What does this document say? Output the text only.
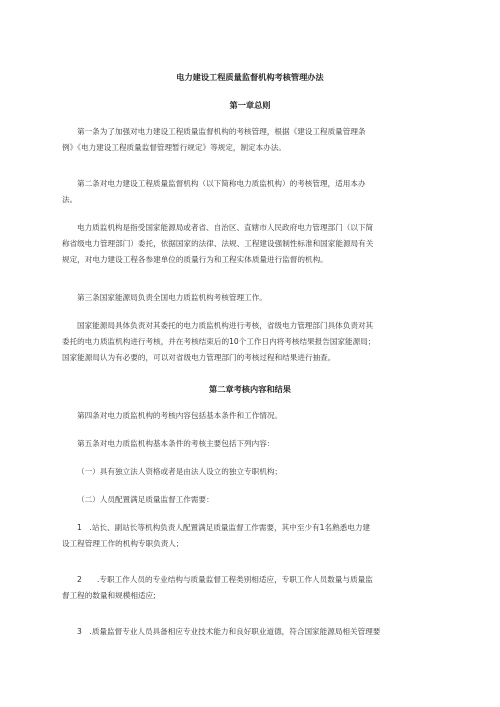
电力建设工程质量监督机构考核管理办法
第一章总则
第一条为了加强对电力建设工程质量监督机构的考核管理，根据《建设工程质量管理条
例》《电力建设工程质量监督管理暂行规定》等规定，制定本办法。
第二条对电力建设工程质量监督机构（以下简称电力质监机构）的考核管理，适用本办
法。
电力质监机构是指受国家能源局或者省、自治区、直辖市人民政府电力管理部门（以下简
称省级电力管理部门）委托，依据国家的法律、法规、工程建设强制性标准和国家能源局有关
规定，对电力建设工程各参建单位的质量行为和工程实体质量进行监督的机构。
第三条国家能源局负责全国电力质监机构考核管理工作。
国家能源局具体负责对其委托的电力质监机构进行考核，省级电力管理部门具体负责对其
委托的电力质监机构进行考核，并在考核结束后的10个工作日内将考核结果报告国家能源局；
国家能源局认为有必要的，可以对省级电力管理部门的考核过程和结果进行抽查。
第二章考核内容和结果
第四条对电力质监机构的考核内容包括基本条件和工作情况。
第五条对电力质监机构基本条件的考核主要包括下列内容：
（一）具有独立法人资格或者是由法人设立的独立专职机构；
（二）人员配置满足质量监督工作需要：
1　.站长、副站长等机构负责人配置满足质量监督工作需要，其中至少有1名熟悉电力建
设工程管理工作的机构专职负责人；
2　　.专职工作人员的专业结构与质量监督工程类别相适应，专职工作人员数量与质量监
督工程的数量和规模相适应;
3　.质量监督专业人员具备相应专业技术能力和良好职业道德，符合国家能源局相关管理要
